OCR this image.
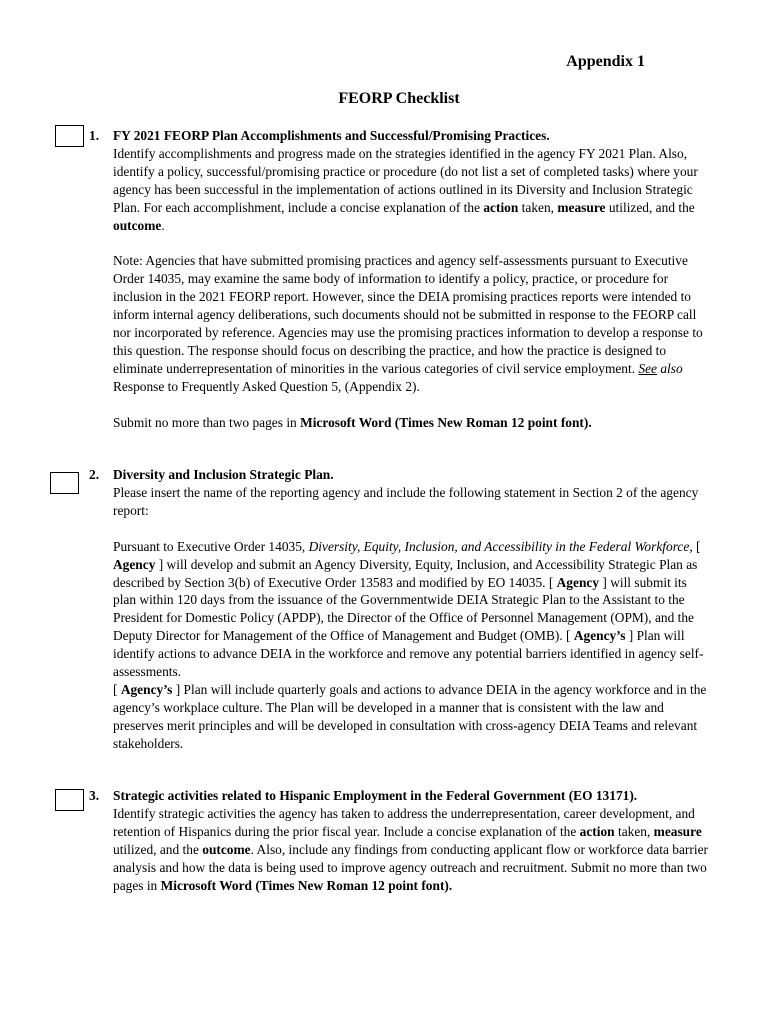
Appendix 1
FEORP Checklist
1. FY 2021 FEORP Plan Accomplishments and Successful/Promising Practices.

Identify accomplishments and progress made on the strategies identified in the agency FY 2021 Plan. Also, identify a policy, successful/promising practice or procedure (do not list a set of completed tasks) where your agency has been successful in the implementation of actions outlined in its Diversity and Inclusion Strategic Plan. For each accomplishment, include a concise explanation of the action taken, measure utilized, and the outcome.

Note: Agencies that have submitted promising practices and agency self-assessments pursuant to Executive Order 14035, may examine the same body of information to identify a policy, practice, or procedure for inclusion in the 2021 FEORP report. However, since the DEIA promising practices reports were intended to inform internal agency deliberations, such documents should not be submitted in response to the FEORP call nor incorporated by reference. Agencies may use the promising practices information to develop a response to this question. The response should focus on describing the practice, and how the practice is designed to eliminate underrepresentation of minorities in the various categories of civil service employment. See also Response to Frequently Asked Question 5, (Appendix 2).

Submit no more than two pages in Microsoft Word (Times New Roman 12 point font).

2. Diversity and Inclusion Strategic Plan.

Please insert the name of the reporting agency and include the following statement in Section 2 of the agency report:

Pursuant to Executive Order 14035, Diversity, Equity, Inclusion, and Accessibility in the Federal Workforce, [ Agency ] will develop and submit an Agency Diversity, Equity, Inclusion, and Accessibility Strategic Plan as described by Section 3(b) of Executive Order 13583 and modified by EO 14035. [ Agency ] will submit its plan within 120 days from the issuance of the Governmentwide DEIA Strategic Plan to the Assistant to the President for Domestic Policy (APDP), the Director of the Office of Personnel Management (OPM), and the Deputy Director for Management of the Office of Management and Budget (OMB). [ Agency’s ] Plan will identify actions to advance DEIA in the workforce and remove any potential barriers identified in agency self-assessments.

[ Agency’s ] Plan will include quarterly goals and actions to advance DEIA in the agency workforce and in the agency’s workplace culture. The Plan will be developed in a manner that is consistent with the law and preserves merit principles and will be developed in consultation with cross-agency DEIA Teams and relevant stakeholders.

3. Strategic activities related to Hispanic Employment in the Federal Government (EO 13171).

Identify strategic activities the agency has taken to address the underrepresentation, career development, and retention of Hispanics during the prior fiscal year. Include a concise explanation of the action taken, measure utilized, and the outcome. Also, include any findings from conducting applicant flow or workforce data barrier analysis and how the data is being used to improve agency outreach and recruitment. Submit no more than two pages in Microsoft Word (Times New Roman 12 point font).
